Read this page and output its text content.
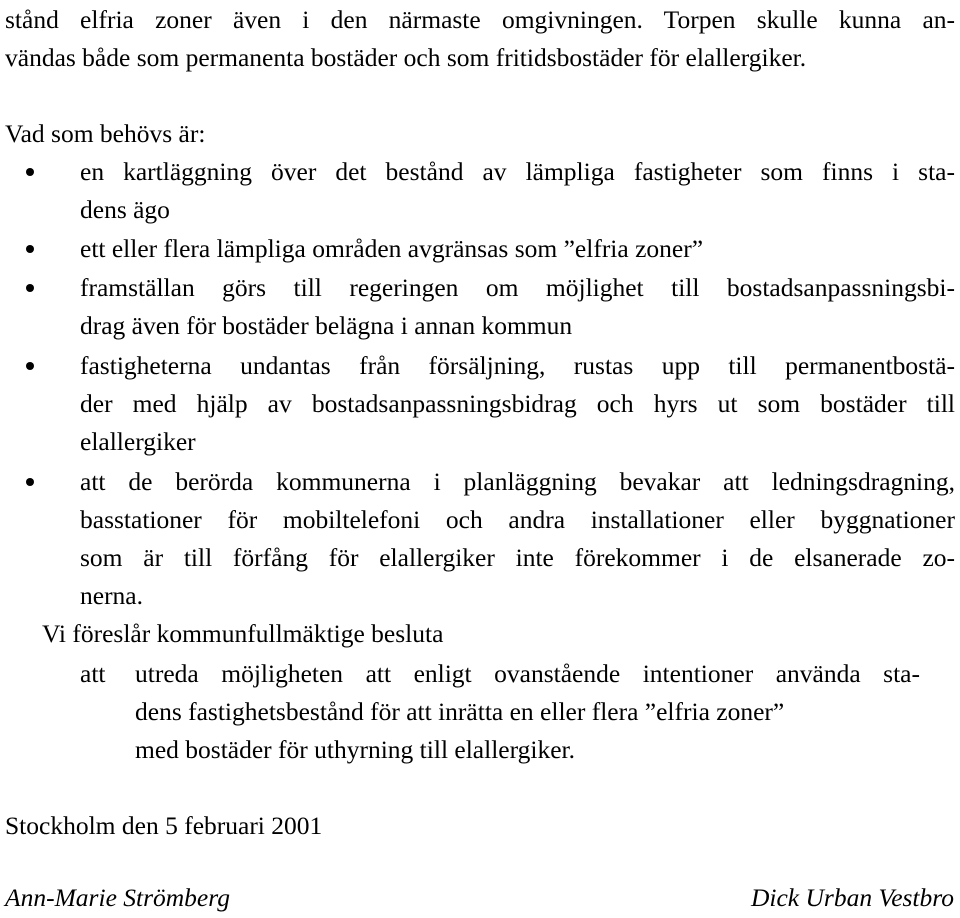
stånd elfria zoner även i den närmaste omgivningen. Torpen skulle kunna an-
vändas både som permanenta bostäder och som fritidsbostäder för elallergiker.
Vad som behövs är:
en kartläggning över det bestånd av lämpliga fastigheter som finns i sta-
dens ägo
ett eller flera lämpliga områden avgränsas som ”elfria zoner”
framställan görs till regeringen om möjlighet till bostadsanpassningsbi-
drag även för bostäder belägna i annan kommun
fastigheterna undantas från försäljning, rustas upp till permanentbostä-
der med hjälp av bostadsanpassningsbidrag och hyrs ut som bostäder till
elallergiker
att de berörda kommunerna i planläggning bevakar att ledningsdragning,
basstationer för mobiltelefoni och andra installationer eller byggnationer
som är till förfång för elallergiker inte förekommer i de elsanerade zo-
nerna.
Vi föreslår kommunfullmäktige besluta
att utreda möjligheten att enligt ovanstående intentioner använda sta-
dens fastighetsbestånd för att inrätta en eller flera ”elfria zoner”
med bostäder för uthyrning till elallergiker.
Stockholm den 5 februari 2001
Ann-Marie Strömberg	Dick Urban Vestbro
